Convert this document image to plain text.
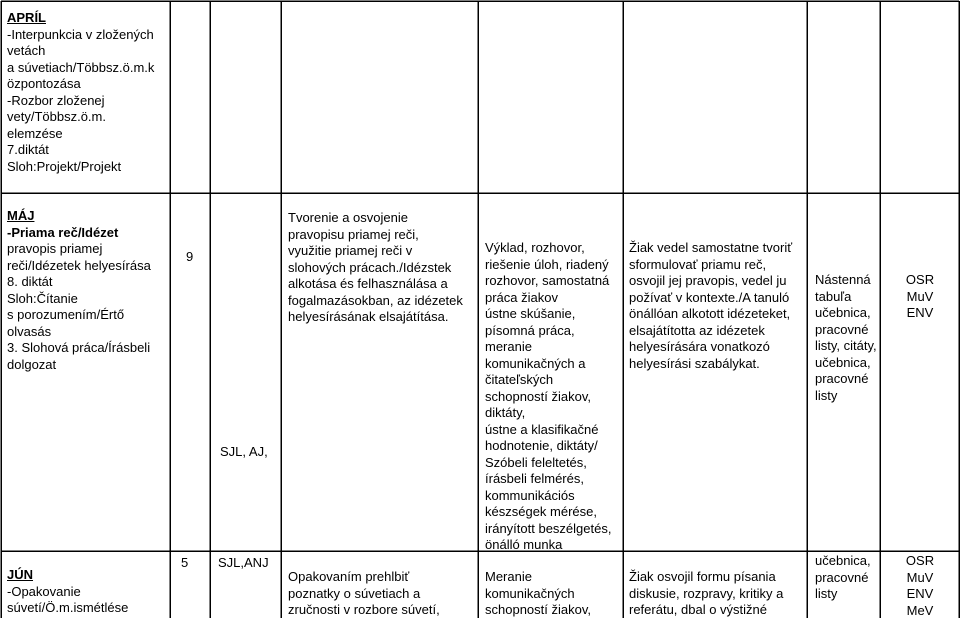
APRÍL

-Interpunkcia v zložených

vetách

a súvetiach/Többsz.ö.m.k

özpontozása

-Rozbor zloženej

vety/Többsz.ö.m.

elemzése

7.diktát

Sloh:Projekt/Projekt

MÁJ

-Priama reč/Idézet

pravopis priamej

reči/Idézetek helyesírása

8. diktát

Sloh:Čítanie

s porozumením/Értő

olvasás

3. Slohová práca/Írásbeli

dolgozat

9
SJL, AJ,

Tvorenie a osvojenie

pravopisu priamej reči,

využitie priamej reči v

slohových prácach./Idézstek

alkotása és felhasználása a

fogalmazásokban, az idézetek

helyesírásának elsajátítása.

Výklad, rozhovor,

riešenie úloh, riadený

rozhovor, samostatná

práca žiakov

ústne skúšanie,

písomná práca,

meranie

komunikačných a

čitateľských

schopností žiakov,

diktáty,

ústne a klasifikačné

hodnotenie, diktáty/

Szóbeli feleltetés,

írásbeli felmérés,

kommunikációs

készségek mérése,

irányított beszélgetés,

önálló munka

Žiak vedel samostatne tvoriť

sformulovať priamu reč,

osvojil jej pravopis, vedel ju

požívať v kontexte./A tanuló

önállóan alkotott idézeteket,

elsajátította az idézetek

helyesírására vonatkozó

helyesírási szabálykat.

Nástenná

tabuľa

učebnica,

pracovné

listy, citáty,

učebnica,

pracovné

listy

OSR

MuV

ENV

JÚN

-Opakovanie

súvetí/Ö.m.ismétlése

5 SJL,ANJ

Opakovaním prehlbiť

poznatky o súvetiach a

zručnosti v rozbore súvetí,

Meranie

komunikačných

schopností žiakov,

Žiak osvojil formu písania

diskusie, rozpravy, kritiky a

referátu, dbal o výstižné

učebnica,

pracovné

listy

OSR

MuV

ENV

MeV
